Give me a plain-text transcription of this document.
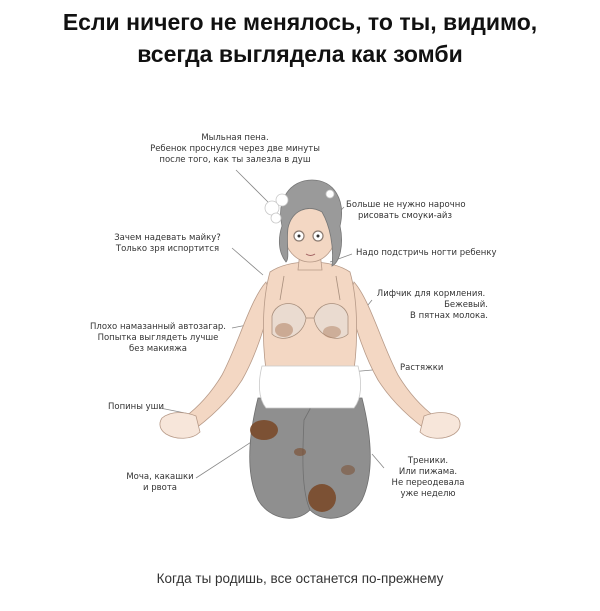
Если ничего не менялось, то ты, видимо,
всегда выглядела как зомби
Мыльная пена.
Ребенок проснулся через две минуты
после того, как ты залезла в душ
Больше не нужно нарочно
рисовать смоуки-айз
Зачем надевать майку?
Только зря испортится	Надо подстричь ногти ребенку
Лифчик для кормления.
Бежевый.
В пятнах молока.
Плохо намазанный автозагар.
Попытка выглядеть лучше
без макияжа
Растяжки
Попины уши
Моча, какашки
и рвота
Треники.
Или пижама.
Не переодевала
уже неделю
Когда ты родишь, все останется по-прежнему
